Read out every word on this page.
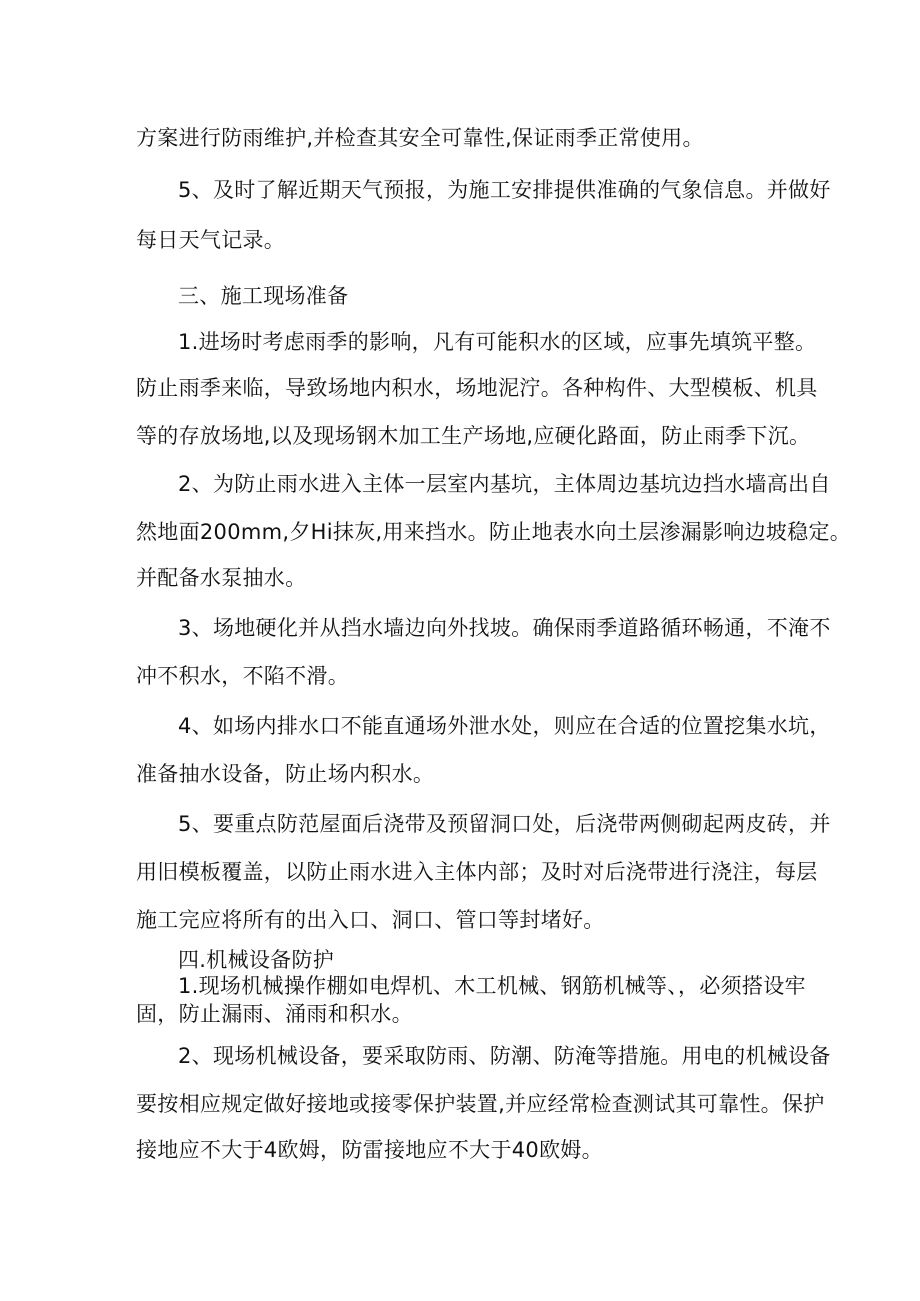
方案进行防雨维护,并检查其安全可靠性,保证雨季正常使用。
5、及时了解近期天气预报，为施工安排提供准确的气象信息。并做好
每日天气记录。
三、施工现场准备
1.进场时考虑雨季的影响，凡有可能积水的区域，应事先填筑平整。
防止雨季来临，导致场地内积水，场地泥泞。各种构件、大型模板、机具
等的存放场地,以及现场钢木加工生产场地,应硬化路面，防止雨季下沉。
2、为防止雨水进入主体一层室内基坑，主体周边基坑边挡水墙高出自
然地面200mm,夕Hi抹灰,用来挡水。防止地表水向土层渗漏影响边坡稳定。
并配备水泵抽水。
3、场地硬化并从挡水墙边向外找坡。确保雨季道路循环畅通，不淹不
冲不积水，不陷不滑。
4、如场内排水口不能直通场外泄水处，则应在合适的位置挖集水坑，
准备抽水设备，防止场内积水。
5、要重点防范屋面后浇带及预留洞口处，后浇带两侧砌起两皮砖，并
用旧模板覆盖，以防止雨水进入主体内部；及时对后浇带进行浇注，每层
施工完应将所有的出入口、洞口、管口等封堵好。
四.机械设备防护
1.现场机械操作棚如电焊机、木工机械、钢筋机械等、，必须搭设牢
固，防止漏雨、涌雨和积水。
2、现场机械设备，要采取防雨、防潮、防淹等措施。用电的机械设备
要按相应规定做好接地或接零保护装置,并应经常检查测试其可靠性。保护
接地应不大于4欧姆，防雷接地应不大于40欧姆。
